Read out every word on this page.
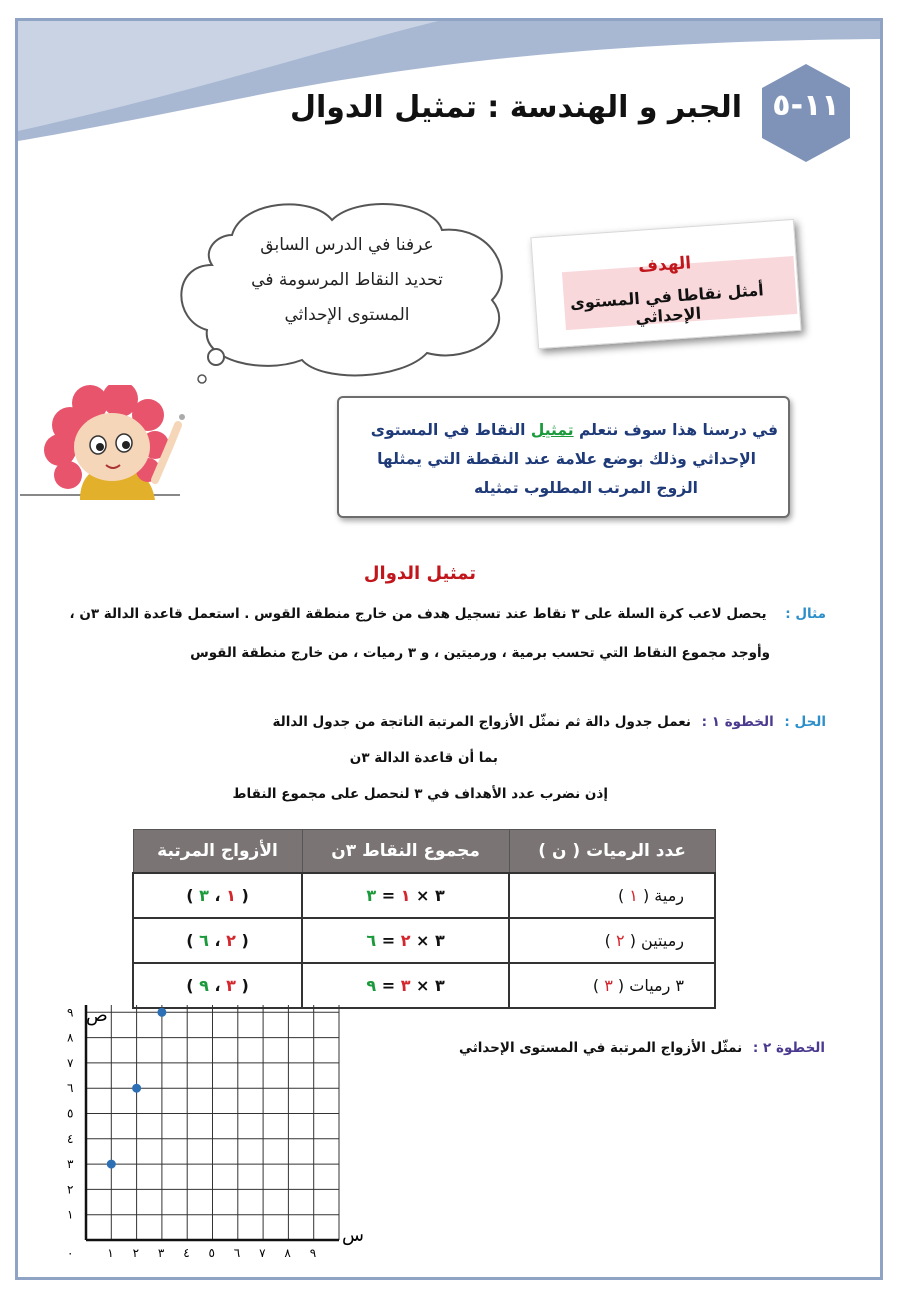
١١-٥
الجبر و الهندسة : تمثيل الدوال
عرفنا في الدرس السابق
تحديد النقاط المرسومة في
المستوى الإحداثي
الهدف
أمثل نقاطا في المستوى الإحداثي
في درسنا هذا سوف نتعلم تمثيل النقاط في المستوى
الإحداثي وذلك بوضع علامة عند النقطة التي يمثلها
الزوج المرتب المطلوب تمثيله
تمثيل الدوال
مثال : يحصل لاعب كرة السلة على ٣ نقاط عند تسجيل هدف من خارج منطقة القوس . استعمل قاعدة الدالة ٣ن ،
وأوجد مجموع النقاط التي تحسب برمية ، ورميتين ، و ٣ رميات ، من خارج منطقة القوس
الحل : الخطوة ١ : نعمل جدول دالة ثم نمثّل الأزواج المرتبة الناتجة من جدول الدالة
بما أن قاعدة الدالة ٣ن
إذن نضرب عدد الأهداف في ٣ لنحصل على مجموع النقاط
عدد الرميات ( ن )	مجموع النقاط ٣ن	الأزواج المرتبة
رمية ( ١ )	٣ × ١ = ٣	( ١ ، ٣ )
رميتين ( ٢ )	٣ × ٢ = ٦	( ٢ ، ٦ )
٣ رميات ( ٣ )	٣ × ٣ = ٩	( ٣ ، ٩ )
الخطوة ٢ : نمثّل الأزواج المرتبة في المستوى الإحداثي
١ ٢ ٣ ٤ ٥ ٦ ٧ ٨ ٩
١
٢
٣
٤
٥
٦
٧
٨
٩ ص
س
٠
